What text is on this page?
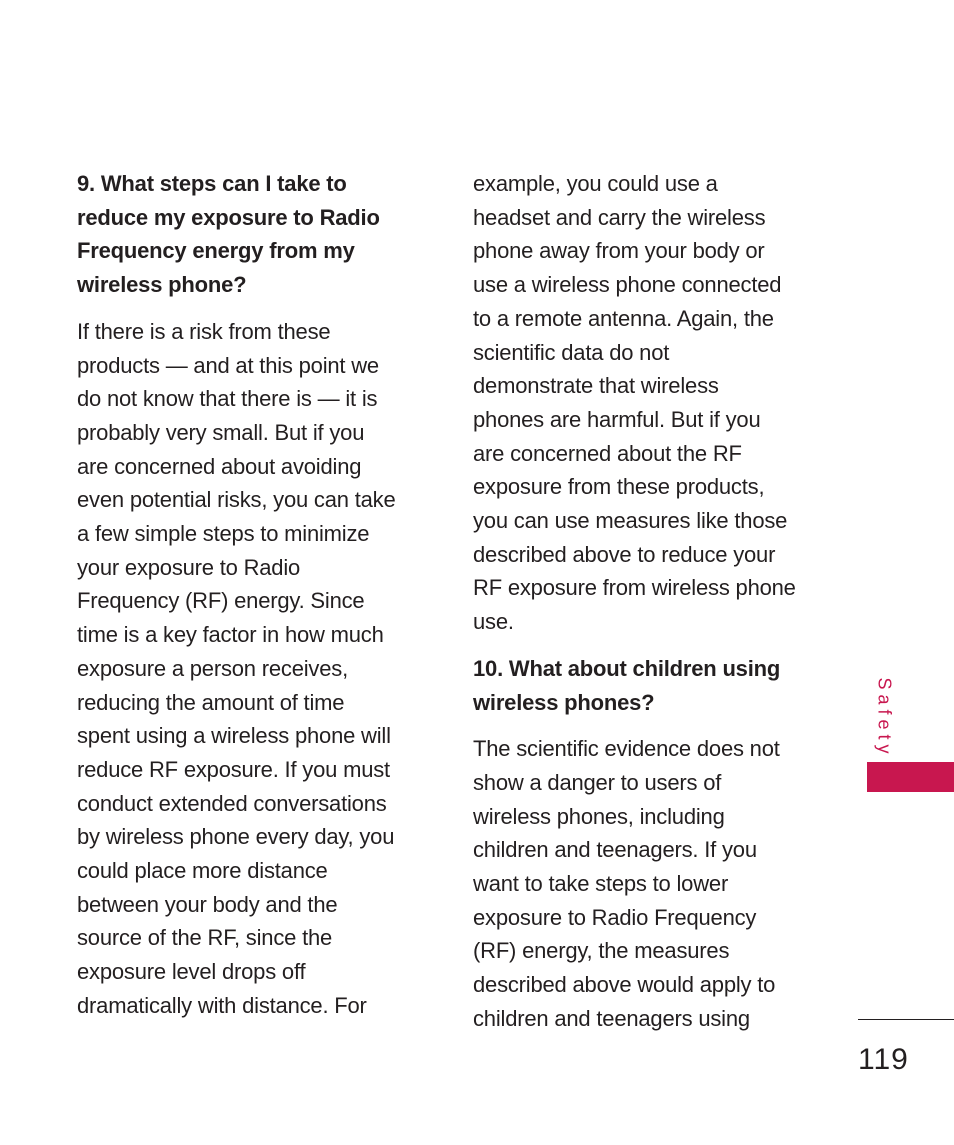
9. What steps can I take to
reduce my exposure to Radio
Frequency energy from my
wireless phone?
If there is a risk from these
products — and at this point we
do not know that there is — it is
probably very small. But if you
are concerned about avoiding
even potential risks, you can take
a few simple steps to minimize
your exposure to Radio
Frequency (RF) energy. Since
time is a key factor in how much
exposure a person receives,
reducing the amount of time
spent using a wireless phone will
reduce RF exposure. If you must
conduct extended conversations
by wireless phone every day, you
could place more distance
between your body and the
source of the RF, since the
exposure level drops off
dramatically with distance. For
example, you could use a
headset and carry the wireless
phone away from your body or
use a wireless phone connected
to a remote antenna. Again, the
scientific data do not
demonstrate that wireless
phones are harmful. But if you
are concerned about the RF
exposure from these products,
you can use measures like those
described above to reduce your
RF exposure from wireless phone
use.
10. What about children using
wireless phones?
The scientific evidence does not
show a danger to users of
wireless phones, including
children and teenagers. If you
want to take steps to lower
exposure to Radio Frequency
(RF) energy, the measures
described above would apply to
children and teenagers using
Safety
119
